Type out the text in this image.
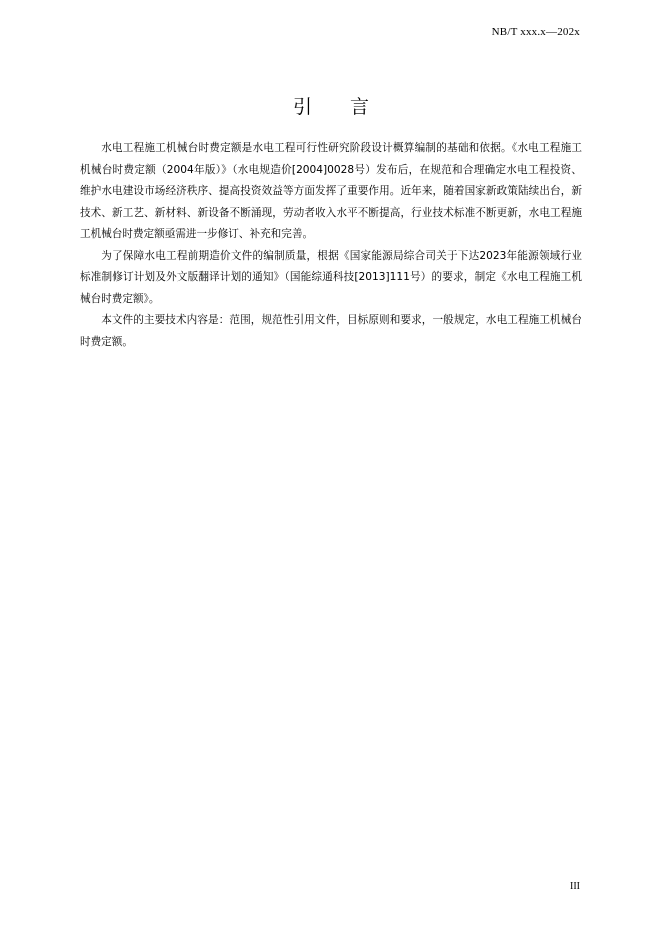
NB/T xxx.x—202x
引言

水电工程施工机械台时费定额是水电工程可行性研究阶段设计概算编制的基础和依据。《水电工程施工机械台时费定额（2004年版）》（水电规造价[2004]0028号）发布后，在规范和合理确定水电工程投资、维护水电建设市场经济秩序、提高投资效益等方面发挥了重要作用。近年来，随着国家新政策陆续出台，新技术、新工艺、新材料、新设备不断涌现，劳动者收入水平不断提高，行业技术标准不断更新，水电工程施工机械台时费定额亟需进一步修订、补充和完善。

为了保障水电工程前期造价文件的编制质量，根据《国家能源局综合司关于下达2023年能源领域行业标准制修订计划及外文版翻译计划的通知》（国能综通科技[2013]111号）的要求，制定《水电工程施工机械台时费定额》。

本文件的主要技术内容是：范围，规范性引用文件，目标原则和要求，一般规定，水电工程施工机械台时费定额。

III
